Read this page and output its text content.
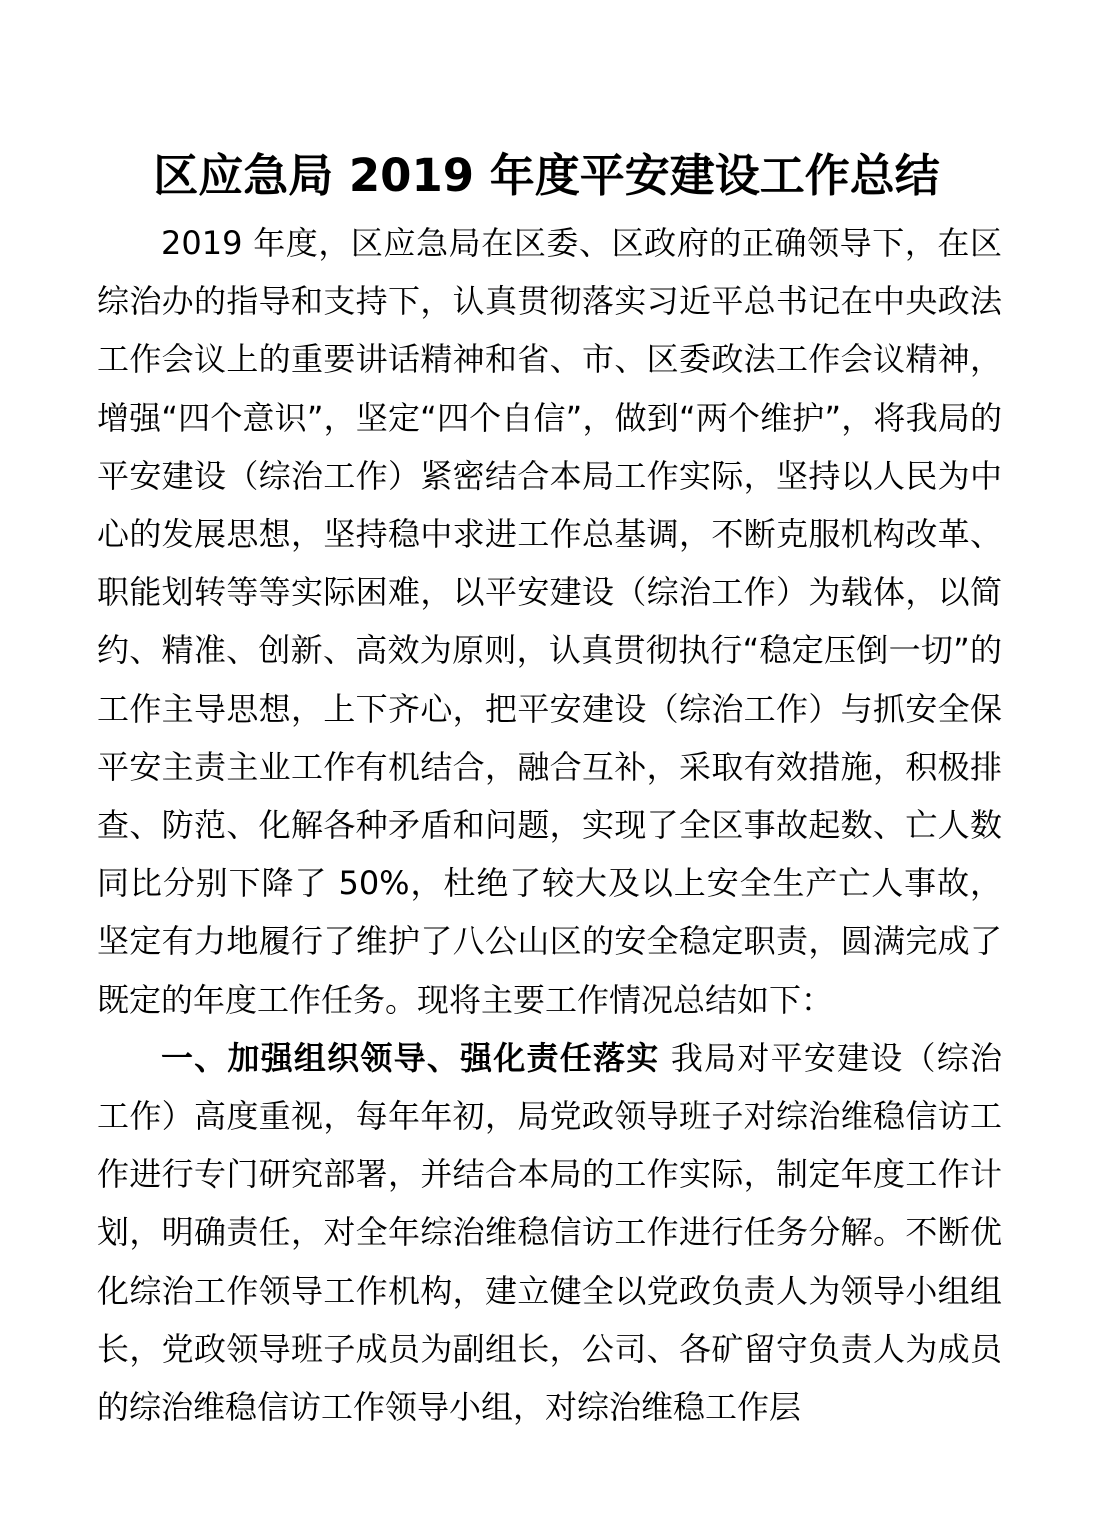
区应急局 2019 年度平安建设工作总结

2019 年度，区应急局在区委、区政府的正确领导下，在区综治办的指导和支持下，认真贯彻落实习近平总书记在中央政法工作会议上的重要讲话精神和省、市、区委政法工作会议精神，增强“四个意识”，坚定“四个自信”，做到“两个维护”，将我局的平安建设（综治工作）紧密结合本局工作实际，坚持以人民为中心的发展思想，坚持稳中求进工作总基调，不断克服机构改革、职能划转等等实际困难，以平安建设（综治工作）为载体，以简约、精准、创新、高效为原则，认真贯彻执行“稳定压倒一切”的工作主导思想，上下齐心，把平安建设（综治工作）与抓安全保平安主责主业工作有机结合，融合互补，采取有效措施，积极排查、防范、化解各种矛盾和问题，实现了全区事故起数、亡人数同比分别下降了 50%，杜绝了较大及以上安全生产亡人事故，坚定有力地履行了维护了八公山区的安全稳定职责，圆满完成了既定的年度工作任务。现将主要工作情况总结如下：

一、加强组织领导、强化责任落实 我局对平安建设（综治工作）高度重视，每年年初，局党政领导班子对综治维稳信访工作进行专门研究部署，并结合本局的工作实际，制定年度工作计划，明确责任，对全年综治维稳信访工作进行任务分解。不断优化综治工作领导工作机构，建立健全以党政负责人为领导小组组长，党政领导班子成员为副组长，公司、各矿留守负责人为成员的综治维稳信访工作领导小组，对综治维稳工作层
